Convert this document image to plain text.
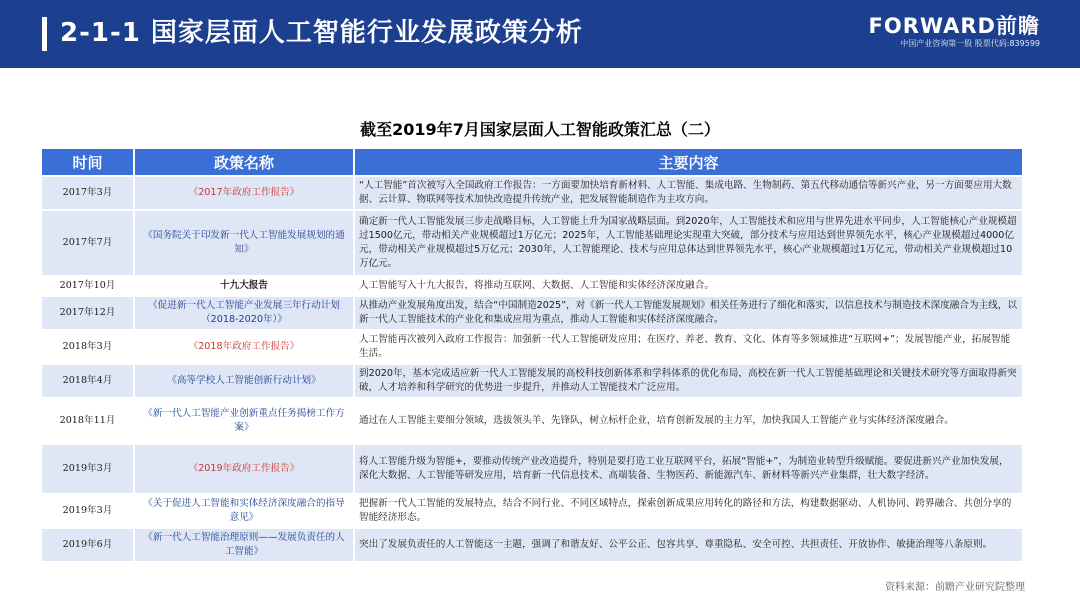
2-1-1 国家层面人工智能行业发展政策分析	FORWARD前瞻
中国产业咨询第一股 股票代码:839599
截至2019年7月国家层面人工智能政策汇总（二）
时间	政策名称	主要内容
2017年3月	《2017年政府工作报告》	“人工智能”首次被写入全国政府工作报告：一方面要加快培育新材料、人工智能、集成电路、生物制药、第五代移动通信等新兴产业，另一方面要应用大数据、云计算、物联网等技术加快改造提升传统产业，把发展智能制造作为主攻方向。
2017年7月	《国务院关于印发新一代人工智能发展规划的通知》	确定新一代人工智能发展三步走战略目标，人工智能上升为国家战略层面。到2020年，人工智能技术和应用与世界先进水平同步，人工智能核心产业规模超过1500亿元，带动相关产业规模超过1万亿元；2025年，人工智能基础理论实现重大突破，部分技术与应用达到世界领先水平，核心产业规模超过4000亿元，带动相关产业规模超过5万亿元；2030年，人工智能理论、技术与应用总体达到世界领先水平，核心产业规模超过1万亿元，带动相关产业规模超过10万亿元。
2017年10月	十九大报告	人工智能写入十九大报告，将推动互联网、大数据、人工智能和实体经济深度融合。
2017年12月	《促进新一代人工智能产业发展三年行动计划（2018-2020年）》	从推动产业发展角度出发，结合“中国制造2025”，对《新一代人工智能发展规划》相关任务进行了细化和落实，以信息技术与制造技术深度融合为主线，以新一代人工智能技术的产业化和集成应用为重点，推动人工智能和实体经济深度融合。
2018年3月	《2018年政府工作报告》	人工智能再次被列入政府工作报告：加强新一代人工智能研发应用；在医疗、养老、教育、文化、体育等多领域推进“互联网+”；发展智能产业，拓展智能生活。
2018年4月	《高等学校人工智能创新行动计划》	到2020年，基本完成适应新一代人工智能发展的高校科技创新体系和学科体系的优化布局，高校在新一代人工智能基础理论和关键技术研究等方面取得新突破，人才培养和科学研究的优势进一步提升，并推动人工智能技术广泛应用。
2018年11月	《新一代人工智能产业创新重点任务揭榜工作方案》	通过在人工智能主要细分领域，选拔领头羊、先锋队，树立标杆企业，培育创新发展的主力军，加快我国人工智能产业与实体经济深度融合。
2019年3月	《2019年政府工作报告》	将人工智能升级为智能+，要推动传统产业改造提升，特别是要打造工业互联网平台，拓展“智能+”，为制造业转型升级赋能。要促进新兴产业加快发展，深化大数据、人工智能等研发应用，培育新一代信息技术、高端装备、生物医药、新能源汽车、新材料等新兴产业集群，壮大数字经济。
2019年3月	《关于促进人工智能和实体经济深度融合的指导意见》	把握新一代人工智能的发展特点，结合不同行业、不同区域特点，探索创新成果应用转化的路径和方法，构建数据驱动、人机协同、跨界融合、共创分享的智能经济形态。
2019年6月	《新一代人工智能治理原则——发展负责任的人工智能》	突出了发展负责任的人工智能这一主题，强调了和谐友好、公平公正、包容共享、尊重隐私、安全可控、共担责任、开放协作、敏捷治理等八条原则。
资料来源：前瞻产业研究院整理
